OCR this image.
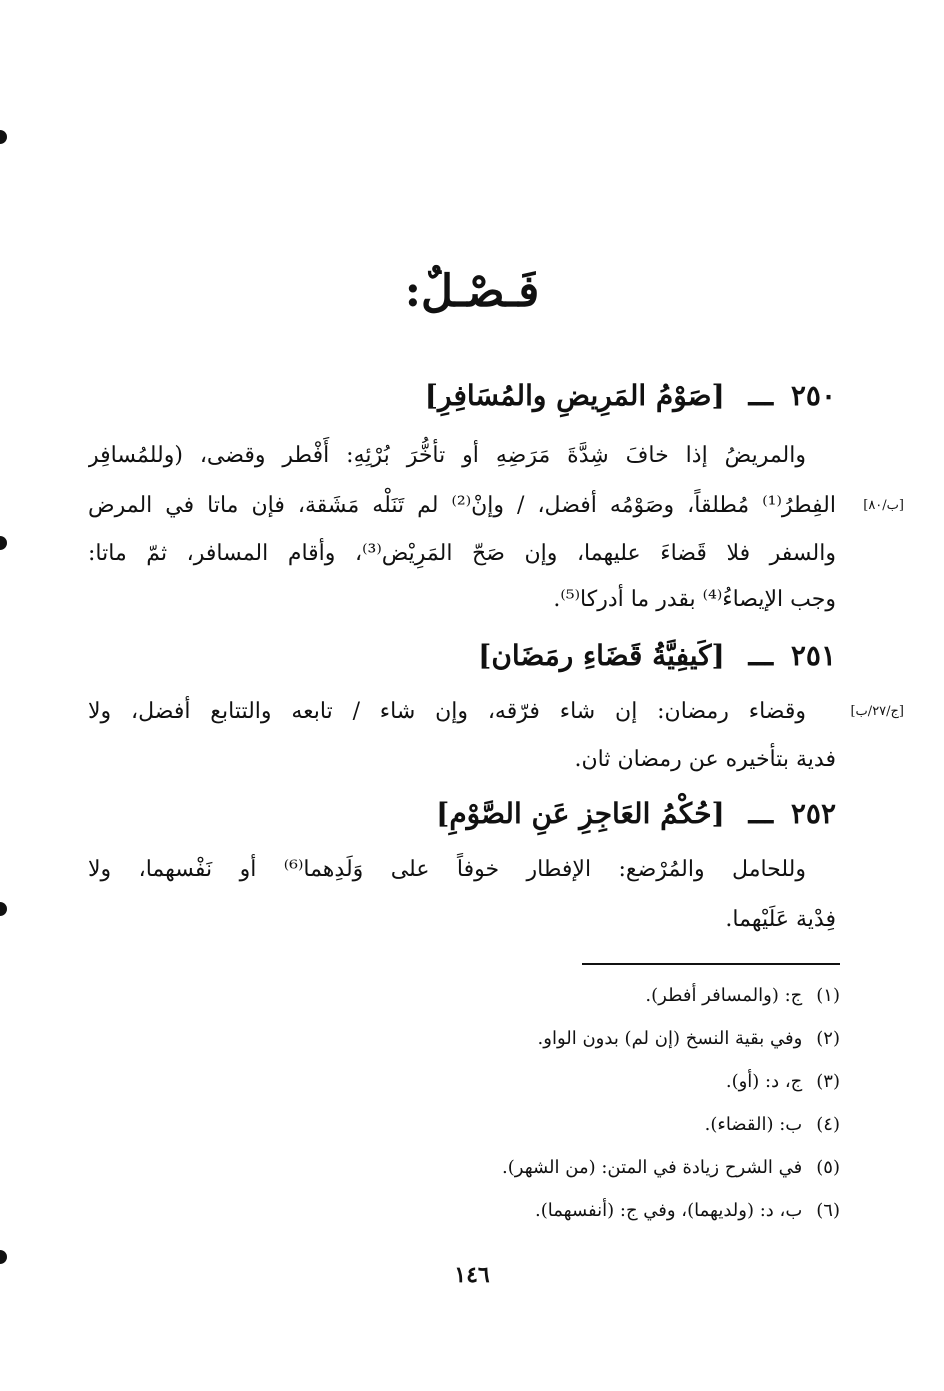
فَـصْـلٌ:
٢٥٠ ـــ [صَوْمُ المَرِيضِ والمُسَافِرِ]
والمريضُ إذا خافَ شِدَّةَ مَرَضِهِ أو تأخُّرَ بُرْئِهِ: أَفْطر وقضى، (وللمُسافِر
الفِطرُ⁽¹⁾ مُطلقاً، وصَوْمُه أفضل، / وإنْ⁽²⁾ لم تَنَلْه مَشَقة، فإن ماتا في المرض [ب/٨٠]
والسفر فلا قَضاءَ عليهما، وإن صَحّ المَرِيْض⁽³⁾، وأقام المسافر، ثمّ ماتا:
وجب الإيصاءُ⁽⁴⁾ بقدر ما أدركا⁽⁵⁾.
٢٥١ ـــ [كَيفِيَّةُ قَضَاءِ رمَضَان]
وقضاء رمضان: إن شاء فرّقه، وإن شاء / تابعه والتتابع أفضل، ولا	[ج/٢٧/ب]
فدية بتأخيره عن رمضان ثان.
٢٥٢ ـــ [حُكْمُ العَاجِزِ عَنِ الصَّوْمِ]
وللحامل والمُرْضع: الإفطار خوفاً على وَلَدِهما⁽⁶⁾ أو نَفْسهما، ولا
فِدْية عَلَيْهما.
(١)ج: (والمسافر أفطر).
(٢)وفي بقية النسخ (إن لم) بدون الواو.
(٣)ج، د: (أو).
(٤)ب: (القضاء).
(٥)في الشرح زيادة في المتن: (من الشهر).
(٦)ب، د: (ولديهما)، وفي ج: (أنفسهما).
١٤٦
